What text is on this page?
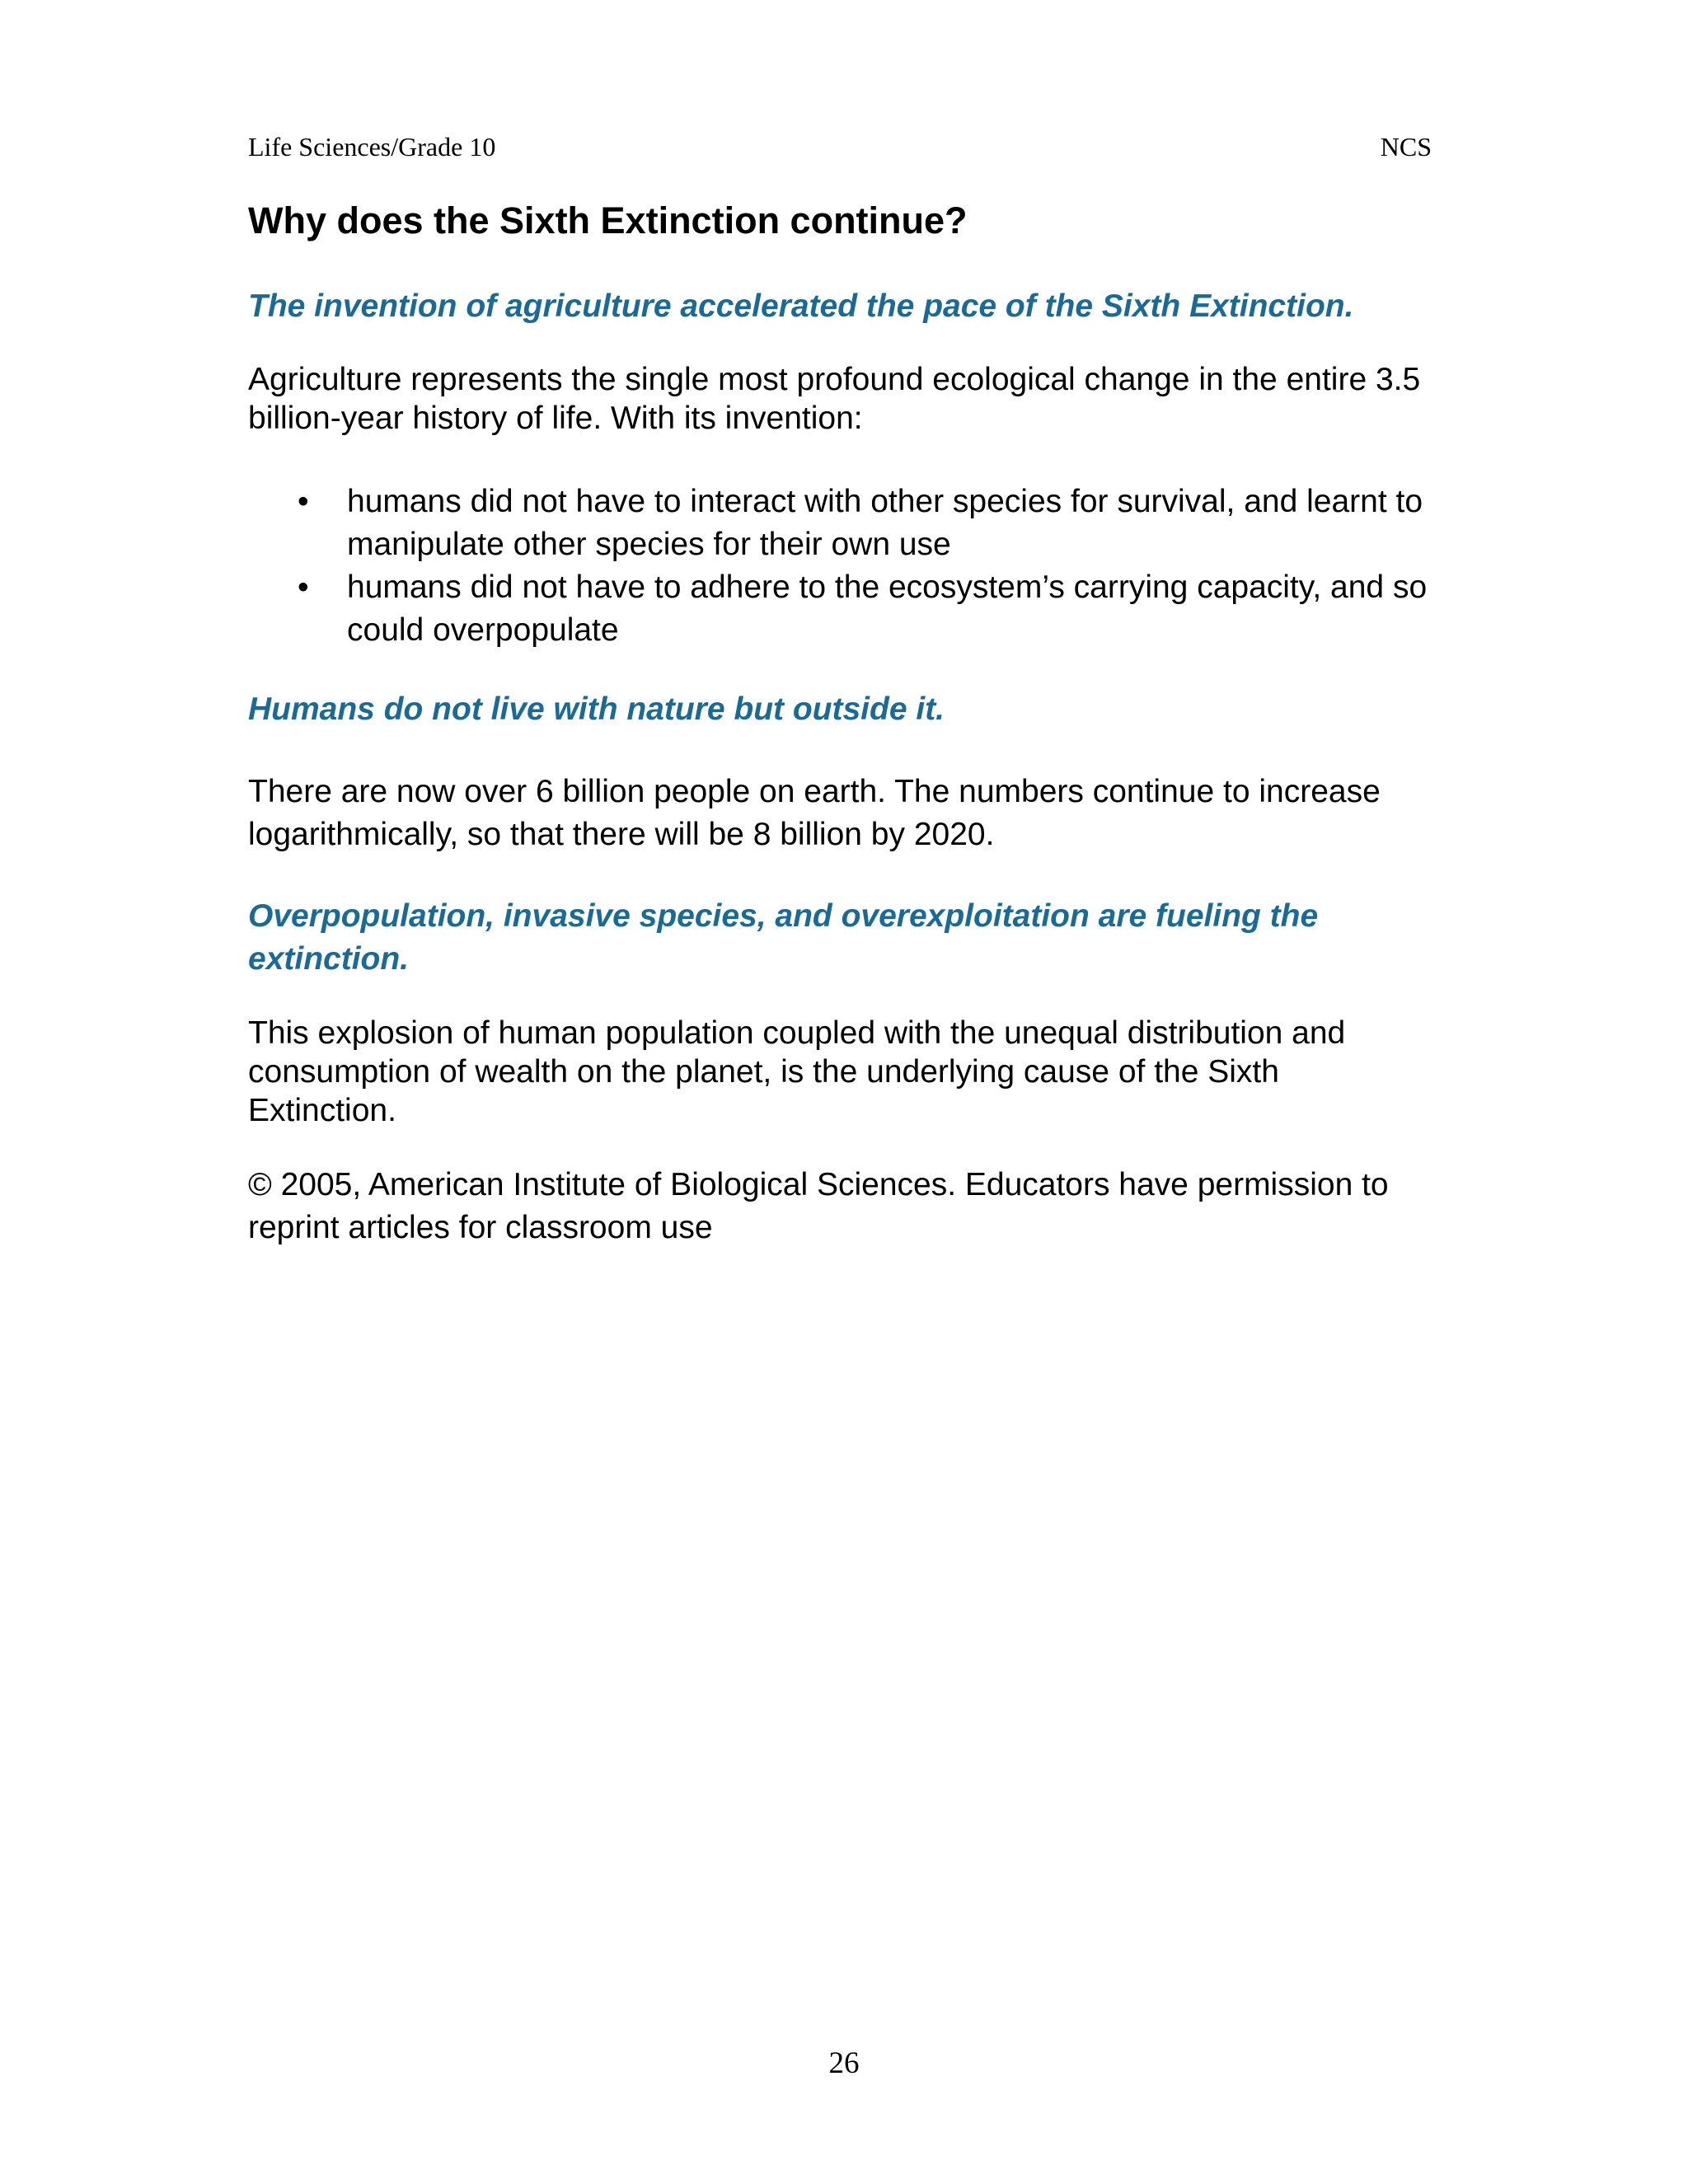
Life Sciences/Grade 10	NCS
Why does the Sixth Extinction continue?
The invention of agriculture accelerated the pace of the Sixth Extinction.

Agriculture represents the single most profound ecological change in the entire 3.5 billion-year history of life. With its invention:

• humans did not have to interact with other species for survival, and learnt to manipulate other species for their own use
• humans did not have to adhere to the ecosystem’s carrying capacity, and so could overpopulate
Humans do not live with nature but outside it.

There are now over 6 billion people on earth. The numbers continue to increase logarithmically, so that there will be 8 billion by 2020.

Overpopulation, invasive species, and overexploitation are fueling the extinction.

This explosion of human population coupled with the unequal distribution and consumption of wealth on the planet, is the underlying cause of the Sixth Extinction.

© 2005, American Institute of Biological Sciences. Educators have permission to reprint articles for classroom use

26
